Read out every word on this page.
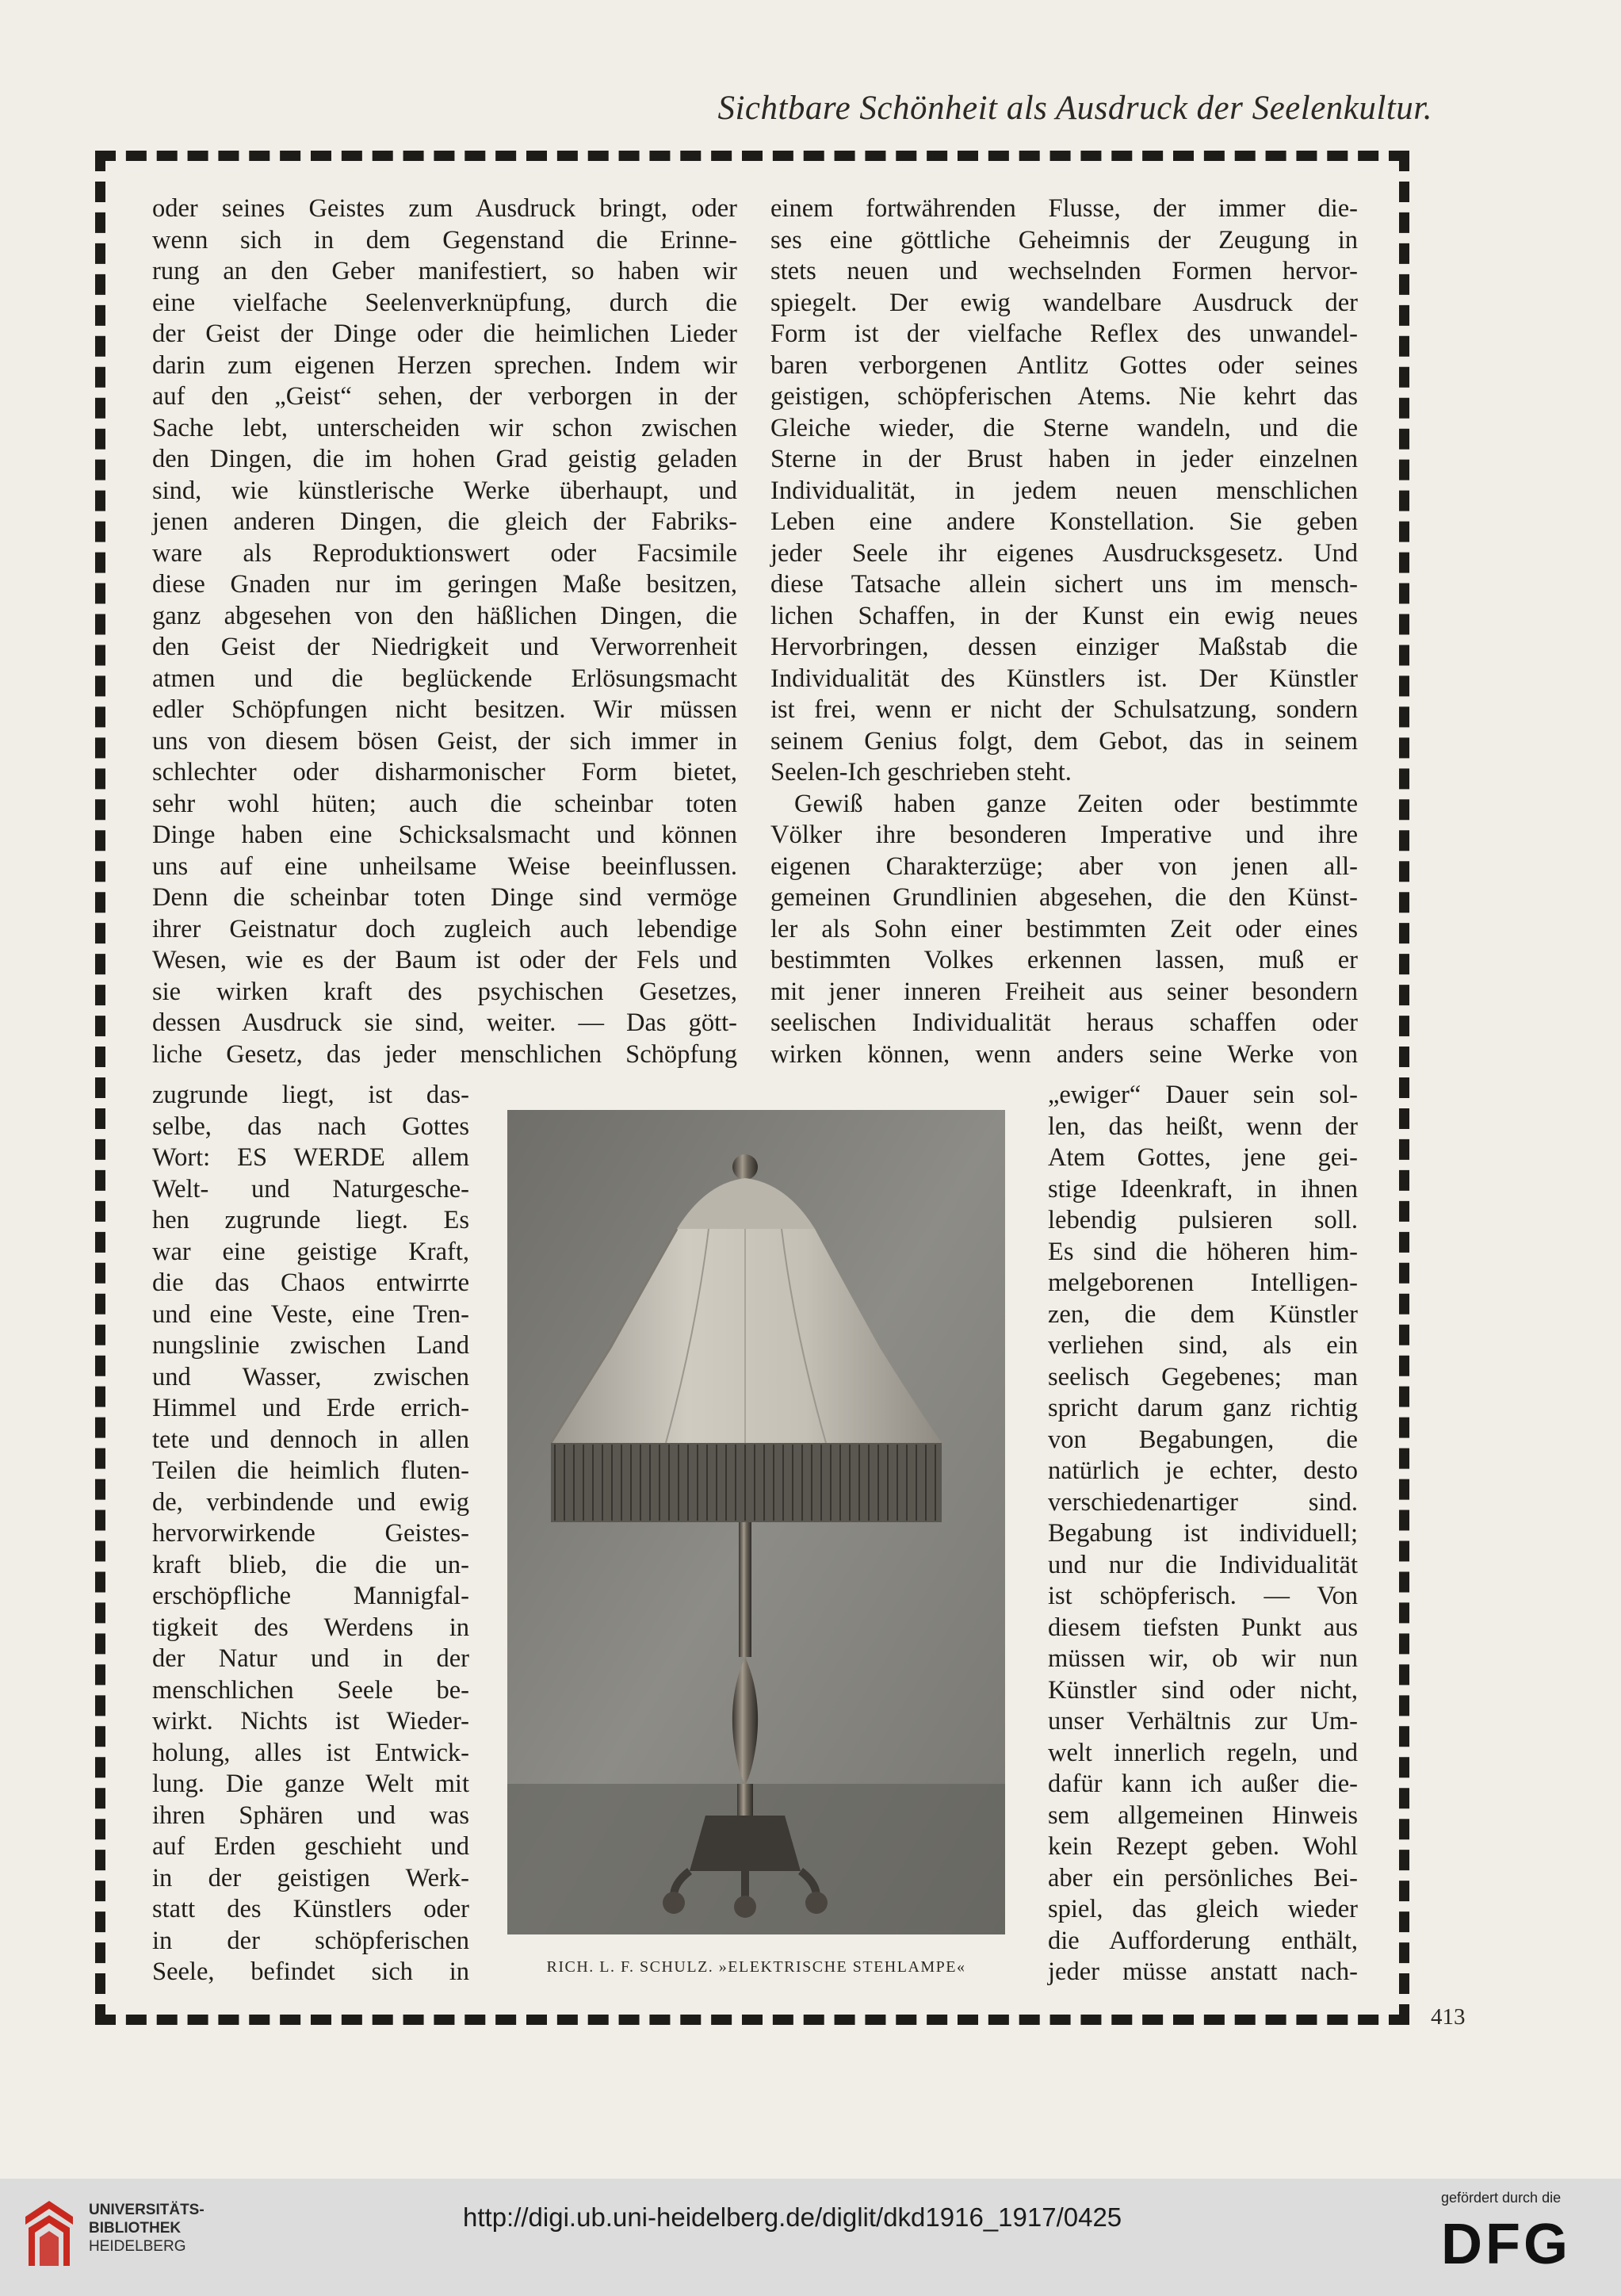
Sichtbare Schönheit als Ausdruck der Seelenkultur.
oder seines Geistes zum Ausdruck bringt, oder
wenn sich in dem Gegenstand die Erinne-
rung an den Geber manifestiert, so haben wir
eine vielfache Seelenverknüpfung, durch die
der Geist der Dinge oder die heimlichen Lieder
darin zum eigenen Herzen sprechen. Indem wir
auf den „Geist“ sehen, der verborgen in der
Sache lebt, unterscheiden wir schon zwischen
den Dingen, die im hohen Grad geistig geladen
sind, wie künstlerische Werke überhaupt, und
jenen anderen Dingen, die gleich der Fabriks-
ware als Reproduktionswert oder Facsimile
diese Gnaden nur im geringen Maße besitzen,
ganz abgesehen von den häßlichen Dingen, die
den Geist der Niedrigkeit und Verworrenheit
atmen und die beglückende Erlösungsmacht
edler Schöpfungen nicht besitzen. Wir müssen
uns von diesem bösen Geist, der sich immer in
schlechter oder disharmonischer Form bietet,
sehr wohl hüten; auch die scheinbar toten
Dinge haben eine Schicksalsmacht und können
uns auf eine unheilsame Weise beeinflussen.
Denn die scheinbar toten Dinge sind vermöge
ihrer Geistnatur doch zugleich auch lebendige
Wesen, wie es der Baum ist oder der Fels und
sie wirken kraft des psychischen Gesetzes,
dessen Ausdruck sie sind, weiter. — Das gött-
liche Gesetz, das jeder menschlichen Schöpfung
einem fortwährenden Flusse, der immer die-
ses eine göttliche Geheimnis der Zeugung in
stets neuen und wechselnden Formen hervor-
spiegelt. Der ewig wandelbare Ausdruck der
Form ist der vielfache Reflex des unwandel-
baren verborgenen Antlitz Gottes oder seines
geistigen, schöpferischen Atems. Nie kehrt das
Gleiche wieder, die Sterne wandeln, und die
Sterne in der Brust haben in jeder einzelnen
Individualität, in jedem neuen menschlichen
Leben eine andere Konstellation. Sie geben
jeder Seele ihr eigenes Ausdrucksgesetz. Und
diese Tatsache allein sichert uns im mensch-
lichen Schaffen, in der Kunst ein ewig neues
Hervorbringen, dessen einziger Maßstab die
Individualität des Künstlers ist. Der Künstler
ist frei, wenn er nicht der Schulsatzung, sondern
seinem Genius folgt, dem Gebot, das in seinem
Seelen-Ich geschrieben steht.
Gewiß haben ganze Zeiten oder bestimmte
Völker ihre besonderen Imperative und ihre
eigenen Charakterzüge; aber von jenen all-
gemeinen Grundlinien abgesehen, die den Künst-
ler als Sohn einer bestimmten Zeit oder eines
bestimmten Volkes erkennen lassen, muß er
mit jener inneren Freiheit aus seiner besondern
seelischen Individualität heraus schaffen oder
wirken können, wenn anders seine Werke von
zugrunde liegt, ist das-
selbe, das nach Gottes
Wort: ES WERDE allem
Welt- und Naturgesche-
hen zugrunde liegt. Es
war eine geistige Kraft,
die das Chaos entwirrte
und eine Veste, eine Tren-
nungslinie zwischen Land
und Wasser, zwischen
Himmel und Erde errich-
tete und dennoch in allen
Teilen die heimlich fluten-
de, verbindende und ewig
hervorwirkende Geistes-
kraft blieb, die die un-
erschöpfliche Mannigfal-
tigkeit des Werdens in
der Natur und in der
menschlichen Seele be-
wirkt. Nichts ist Wieder-
holung, alles ist Entwick-
lung. Die ganze Welt mit
ihren Sphären und was
auf Erden geschieht und
in der geistigen Werk-
statt des Künstlers oder
in der schöpferischen
Seele, befindet sich in
„ewiger“ Dauer sein sol-
len, das heißt, wenn der
Atem Gottes, jene gei-
stige Ideenkraft, in ihnen
lebendig pulsieren soll.
Es sind die höheren him-
melgeborenen Intelligen-
zen, die dem Künstler
verliehen sind, als ein
seelisch Gegebenes; man
spricht darum ganz richtig
von Begabungen, die
natürlich je echter, desto
verschiedenartiger sind.
Begabung ist individuell;
und nur die Individualität
ist schöpferisch. — Von
diesem tiefsten Punkt aus
müssen wir, ob wir nun
Künstler sind oder nicht,
unser Verhältnis zur Um-
welt innerlich regeln, und
dafür kann ich außer die-
sem allgemeinen Hinweis
kein Rezept geben. Wohl
aber ein persönliches Bei-
spiel, das gleich wieder
die Aufforderung enthält,
jeder müsse anstatt nach-
RICH. L. F. SCHULZ. »ELEKTRISCHE STEHLAMPE«
413
UNIVERSITÄTS-
BIBLIOTHEK
HEIDELBERG
http://digi.ub.uni-heidelberg.de/diglit/dkd1916_1917/0425
gefördert durch die
DFG
